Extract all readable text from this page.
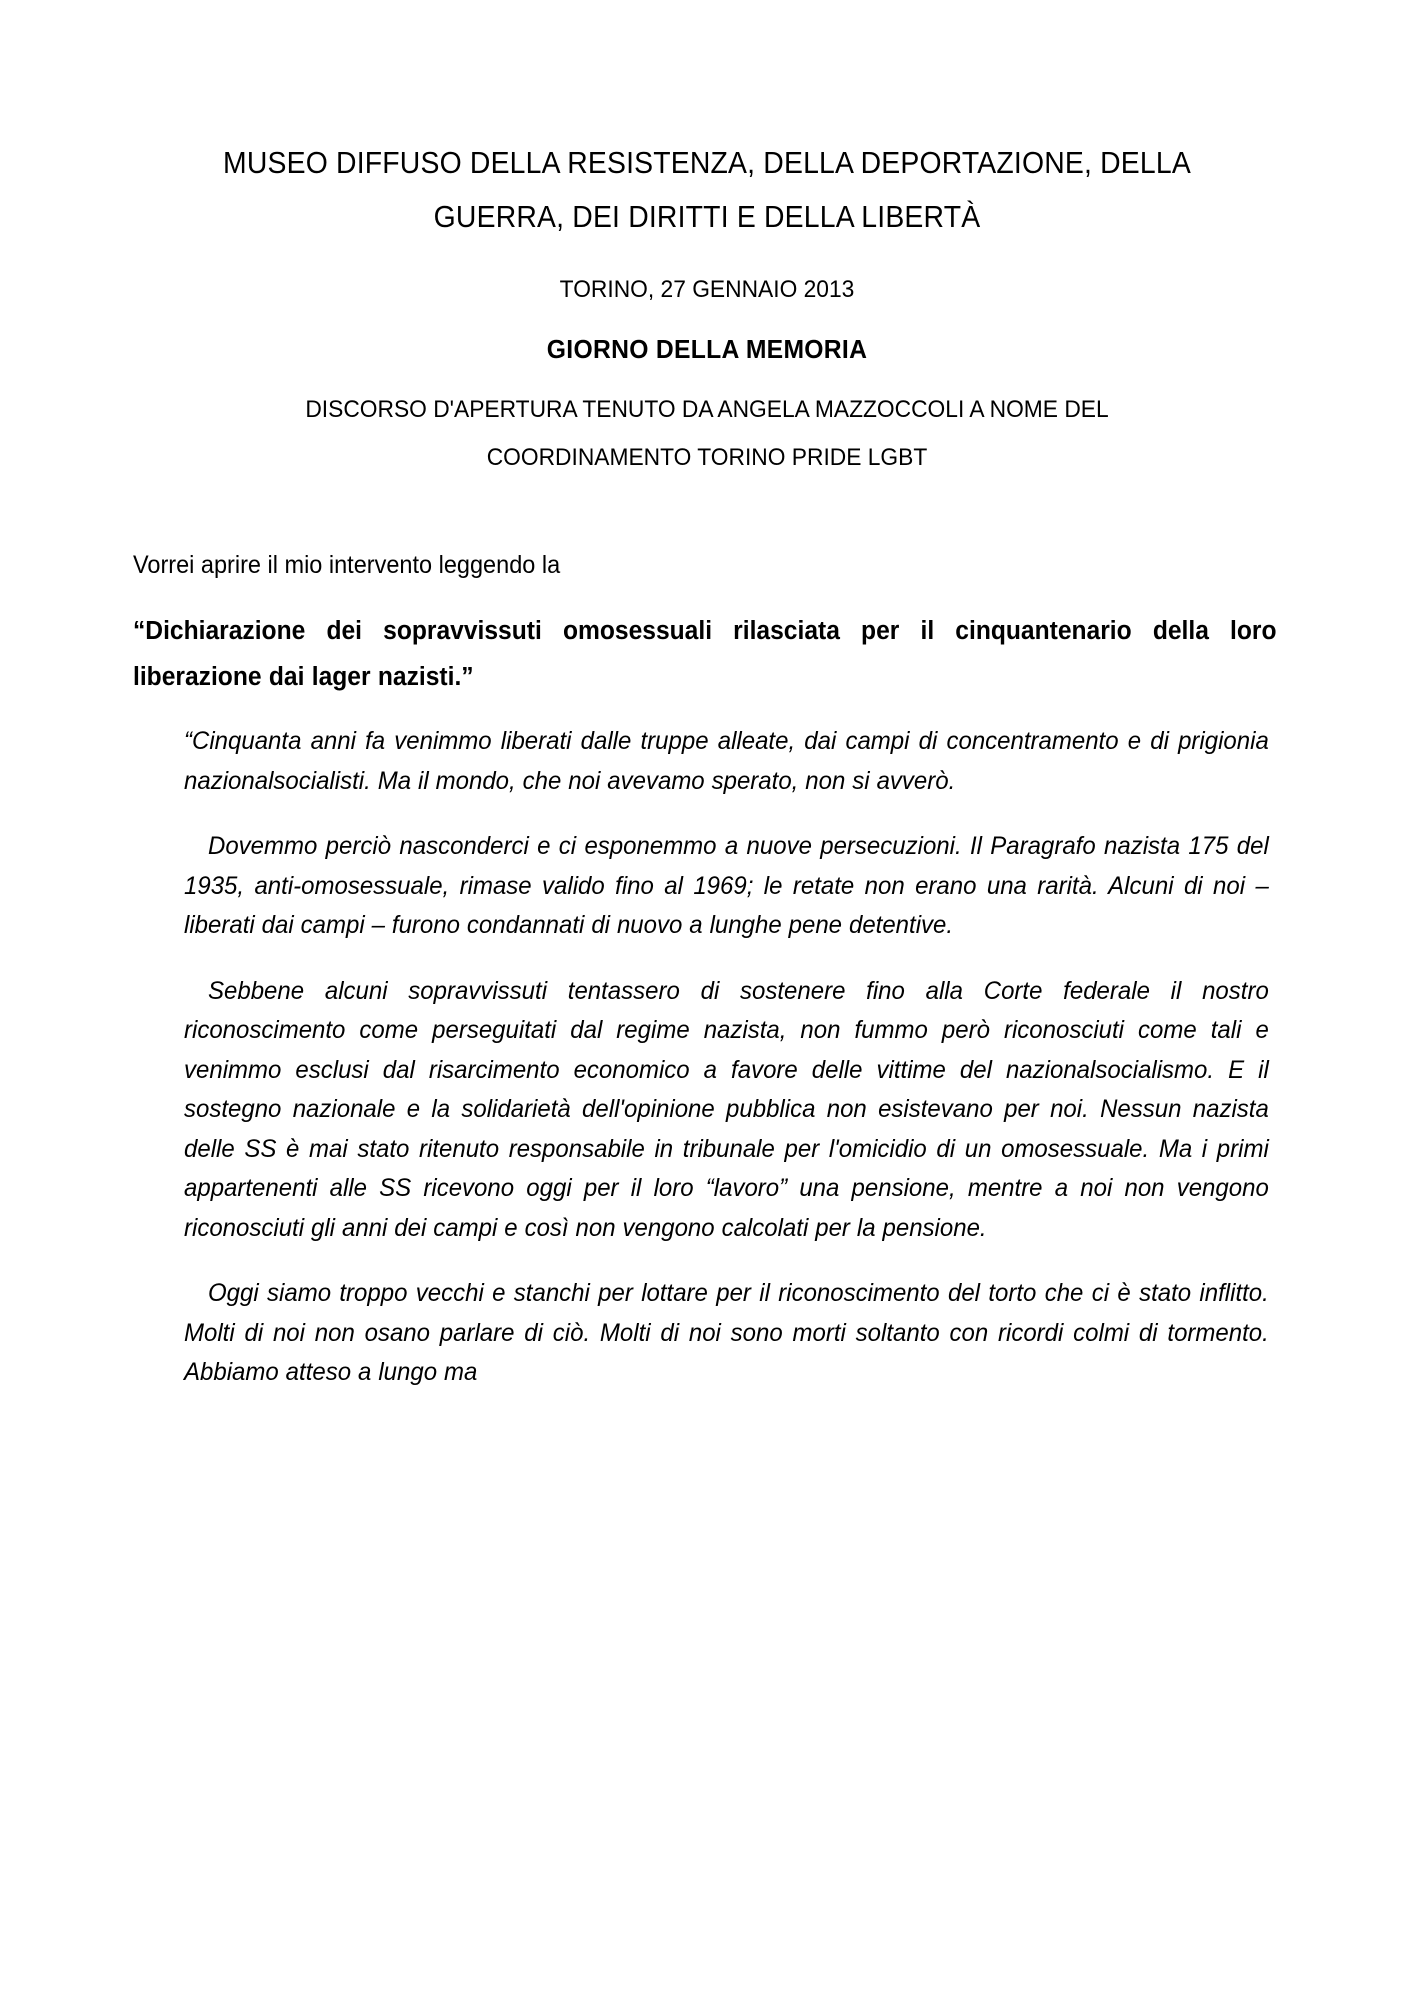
MUSEO DIFFUSO DELLA RESISTENZA, DELLA DEPORTAZIONE, DELLA
GUERRA, DEI DIRITTI E DELLA LIBERTÀ
TORINO, 27 GENNAIO 2013
GIORNO DELLA MEMORIA
DISCORSO D'APERTURA TENUTO DA ANGELA MAZZOCCOLI A NOME DEL
COORDINAMENTO TORINO PRIDE LGBT
Vorrei aprire il mio intervento leggendo la
“Dichiarazione dei sopravvissuti omosessuali rilasciata per il cinquantenario della loro liberazione dai lager nazisti.”

“Cinquanta anni fa venimmo liberati dalle truppe alleate, dai campi di concentramento e di prigionia nazionalsocialisti. Ma il mondo, che noi avevamo sperato, non si avverò.

Dovemmo perciò nasconderci e ci esponemmo a nuove persecuzioni. Il Paragrafo nazista 175 del 1935, anti-omosessuale, rimase valido fino al 1969; le retate non erano una rarità. Alcuni di noi – liberati dai campi – furono condannati di nuovo a lunghe pene detentive.

Sebbene alcuni sopravvissuti tentassero di sostenere fino alla Corte federale il nostro riconoscimento come perseguitati dal regime nazista, non fummo però riconosciuti come tali e venimmo esclusi dal risarcimento economico a favore delle vittime del nazionalsocialismo. E il sostegno nazionale e la solidarietà dell'opinione pubblica non esistevano per noi. Nessun nazista delle SS è mai stato ritenuto responsabile in tribunale per l'omicidio di un omosessuale. Ma i primi appartenenti alle SS ricevono oggi per il loro “lavoro” una pensione, mentre a noi non vengono riconosciuti gli anni dei campi e così non vengono calcolati per la pensione.

Oggi siamo troppo vecchi e stanchi per lottare per il riconoscimento del torto che ci è stato inflitto. Molti di noi non osano parlare di ciò. Molti di noi sono morti soltanto con ricordi colmi di tormento. Abbiamo atteso a lungo ma
